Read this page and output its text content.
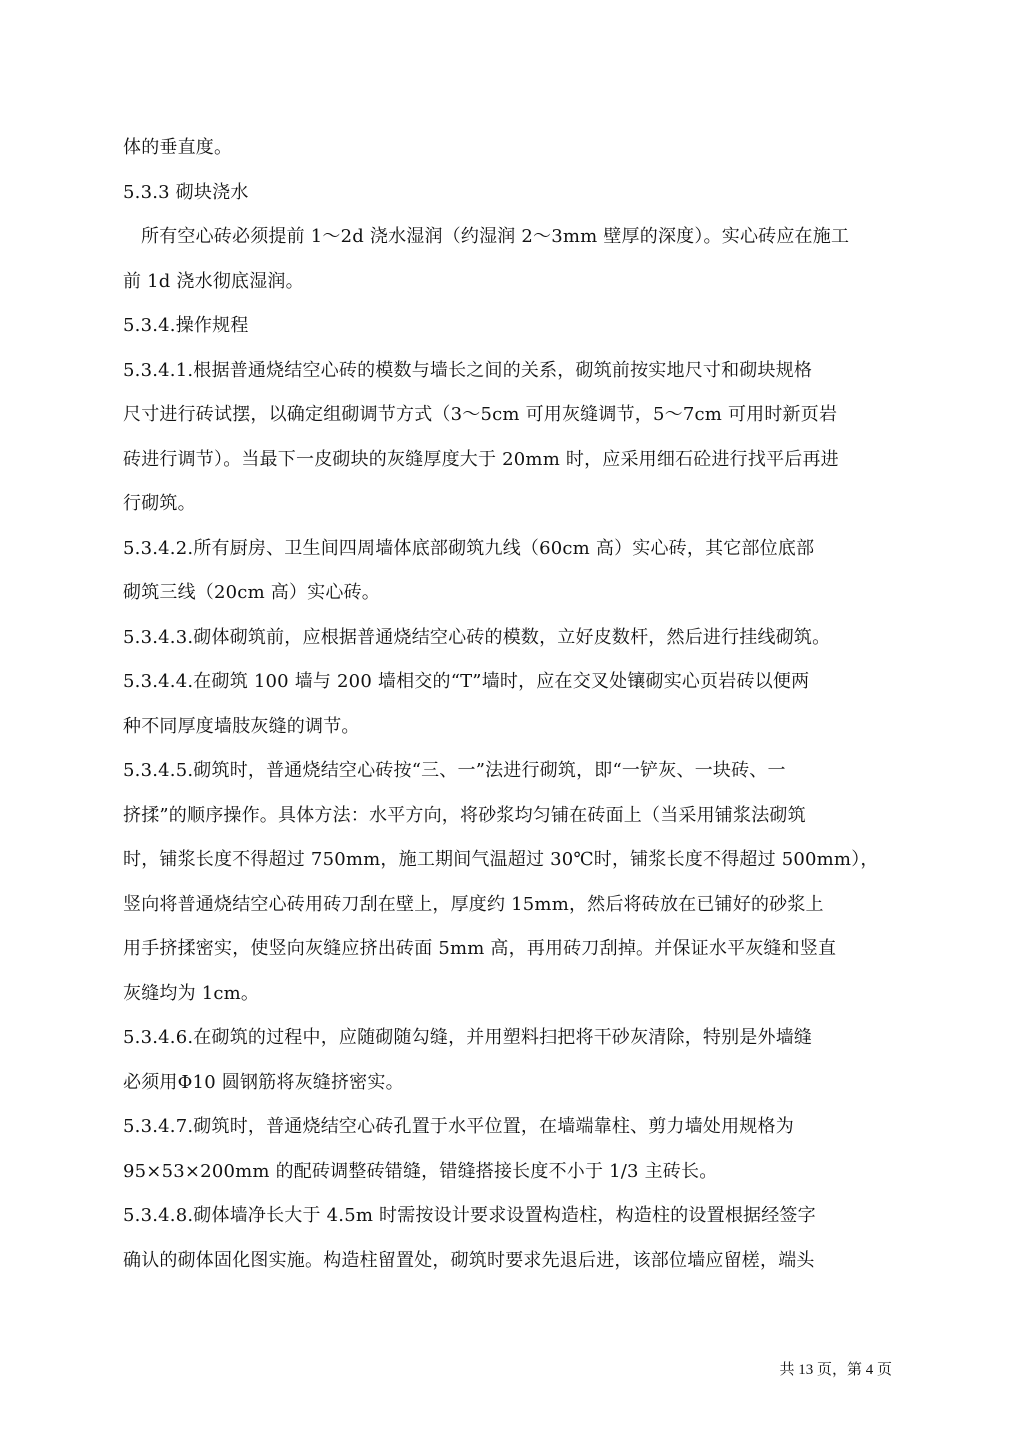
体的垂直度。
5.3.3 砌块浇水
所有空心砖必须提前 1～2d 浇水湿润（约湿润 2～3mm 壁厚的深度）。实心砖应在施工
前 1d 浇水彻底湿润。
5.3.4.操作规程
5.3.4.1.根据普通烧结空心砖的模数与墙长之间的关系，砌筑前按实地尺寸和砌块规格
尺寸进行砖试摆，以确定组砌调节方式（3～5cm 可用灰缝调节，5～7cm 可用时新页岩
砖进行调节）。当最下一皮砌块的灰缝厚度大于 20mm 时，应采用细石砼进行找平后再进
行砌筑。
5.3.4.2.所有厨房、卫生间四周墙体底部砌筑九线（60cm 高）实心砖，其它部位底部
砌筑三线（20cm 高）实心砖。
5.3.4.3.砌体砌筑前，应根据普通烧结空心砖的模数，立好皮数杆，然后进行挂线砌筑。
5.3.4.4.在砌筑 100 墙与 200 墙相交的“T”墙时，应在交叉处镶砌实心页岩砖以便两
种不同厚度墙肢灰缝的调节。
5.3.4.5.砌筑时，普通烧结空心砖按“三、一”法进行砌筑，即“一铲灰、一块砖、一
挤揉”的顺序操作。具体方法：水平方向，将砂浆均匀铺在砖面上（当采用铺浆法砌筑
时，铺浆长度不得超过 750mm，施工期间气温超过 30℃时，铺浆长度不得超过 500mm），
竖向将普通烧结空心砖用砖刀刮在壁上，厚度约 15mm，然后将砖放在已铺好的砂浆上
用手挤揉密实，使竖向灰缝应挤出砖面 5mm 高，再用砖刀刮掉。并保证水平灰缝和竖直
灰缝均为 1cm。
5.3.4.6.在砌筑的过程中，应随砌随勾缝，并用塑料扫把将干砂灰清除，特别是外墙缝
必须用Φ10 圆钢筋将灰缝挤密实。
5.3.4.7.砌筑时，普通烧结空心砖孔置于水平位置，在墙端靠柱、剪力墙处用规格为
95×53×200mm 的配砖调整砖错缝，错缝搭接长度不小于 1/3 主砖长。
5.3.4.8.砌体墙净长大于 4.5m 时需按设计要求设置构造柱，构造柱的设置根据经签字
确认的砌体固化图实施。构造柱留置处，砌筑时要求先退后进，该部位墙应留槎，端头
共 13 页，第 4 页
